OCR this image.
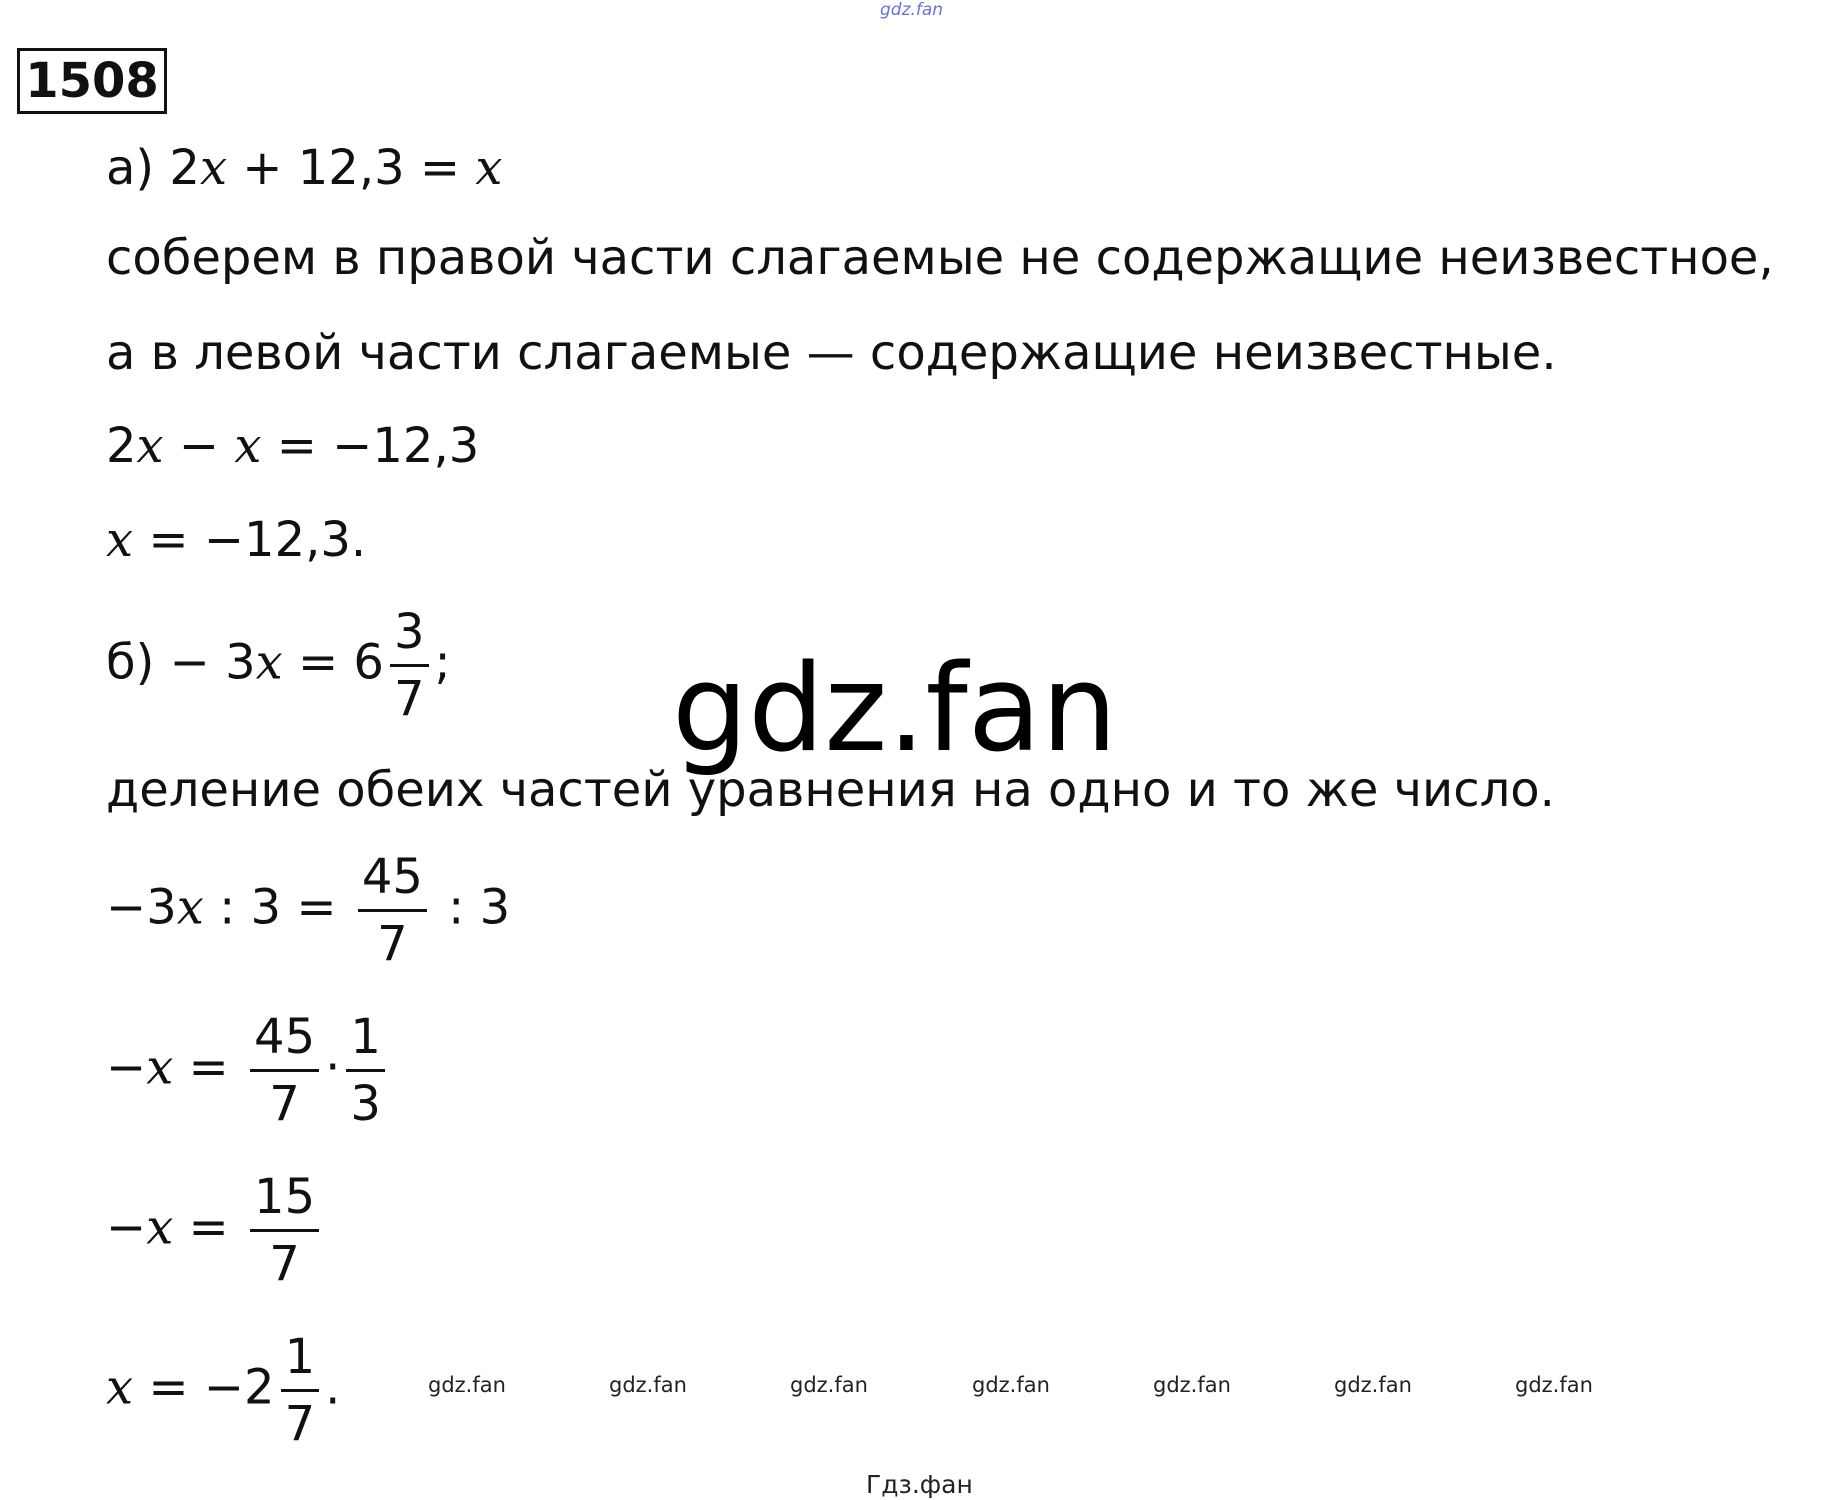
gdz.fan
1508
а) 2x + 12,3 = x
соберем в правой части слагаемые не содержащие неизвестное,
а в левой части слагаемые — содержащие неизвестные.
2x − x = −12,3
x = −12,3.
$б) - 3x = 6 \frac{3}{7}$ ; gdz.fan
деление обеих частей уравнения на одно и то же число.
−3x : $3 = \frac{45}{7}$ : 3
$-x = \frac{45}{7} \cdot \frac{1}{3}$
$-x = \frac{15}{7}$
$x = -2 \frac{1}{7}$ .	gdz.fan	gdz.fan	gdz.fan	gdz.fan	gdz.fan	gdz.fan	gdz.fan
Гдз.фан
